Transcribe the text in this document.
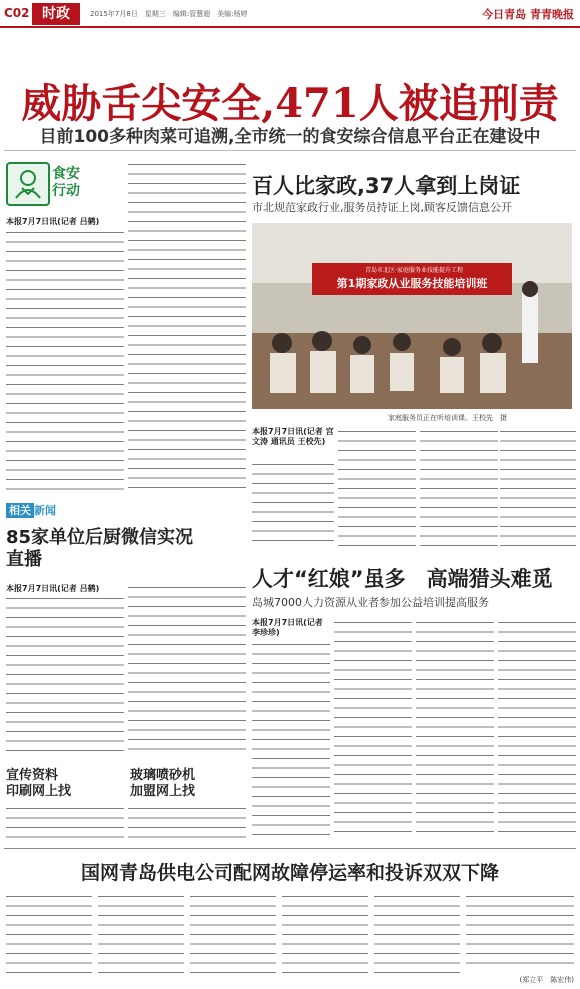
C02 时政	2015年7月8日　星期三　编辑:管慧超　美编:杨婷	今日青岛 青青晚报
威胁舌尖安全,471人被追刑责
目前100多种肉菜可追溯,全市统一的食安综合信息平台正在建设中
食安
行动
本报7月7日讯(记者 吕鹤)
百人比家政,37人拿到上岗证
市北规范家政行业,服务员持证上岗,顾客反馈信息公开
青岛市北区·家庭服务业技能提升工程
第1期家政从业服务技能培训班
家庭服务员正在听培训课。王校先　摄
本报7月7日讯(记者 宫文涛 通讯员 王校先)
相关 新闻
85家单位后厨微信实况直播
本报7月7日讯(记者 吕鹤)
宣传资料
印刷网上找
玻璃喷砂机
加盟网上找
人才“红娘”虽多　高端猎头难觅
岛城7000人力资源从业者参加公益培训提高服务
本报7月7日讯(记者 李珍珍)
国网青岛供电公司配网故障停运率和投诉双双下降
(郑立平　陈宏伟)
